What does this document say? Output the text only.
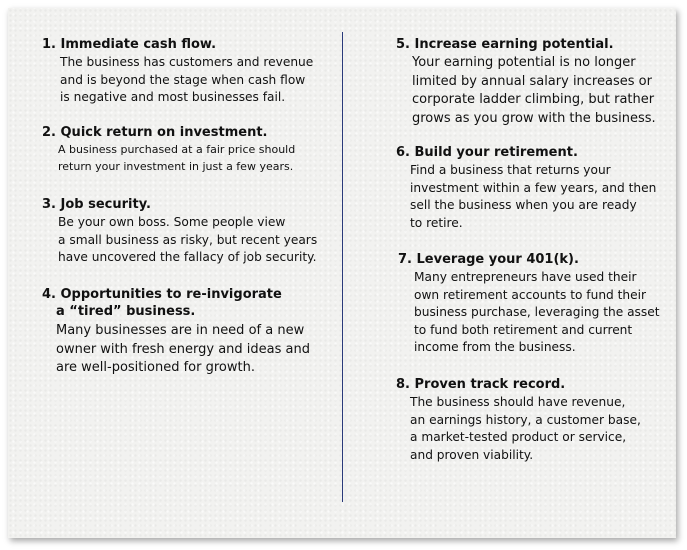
1. Immediate cash flow.

The business has customers and revenue
and is beyond the stage when cash flow
is negative and most businesses fail.

2. Quick return on investment.

A business purchased at a fair price should
return your investment in just a few years.

3. Job security.

Be your own boss. Some people view
a small business as risky, but recent years
have uncovered the fallacy of job security.

4. Opportunities to re-invigorate
a “tired” business.

Many businesses are in need of a new
owner with fresh energy and ideas and
are well-positioned for growth.

5. Increase earning potential.

Your earning potential is no longer
limited by annual salary increases or
corporate ladder climbing, but rather
grows as you grow with the business.

6. Build your retirement.

Find a business that returns your
investment within a few years, and then
sell the business when you are ready
to retire.

7. Leverage your 401(k).

Many entrepreneurs have used their
own retirement accounts to fund their
business purchase, leveraging the asset
to fund both retirement and current
income from the business.

8. Proven track record.

The business should have revenue,
an earnings history, a customer base,
a market-tested product or service,
and proven viability.
